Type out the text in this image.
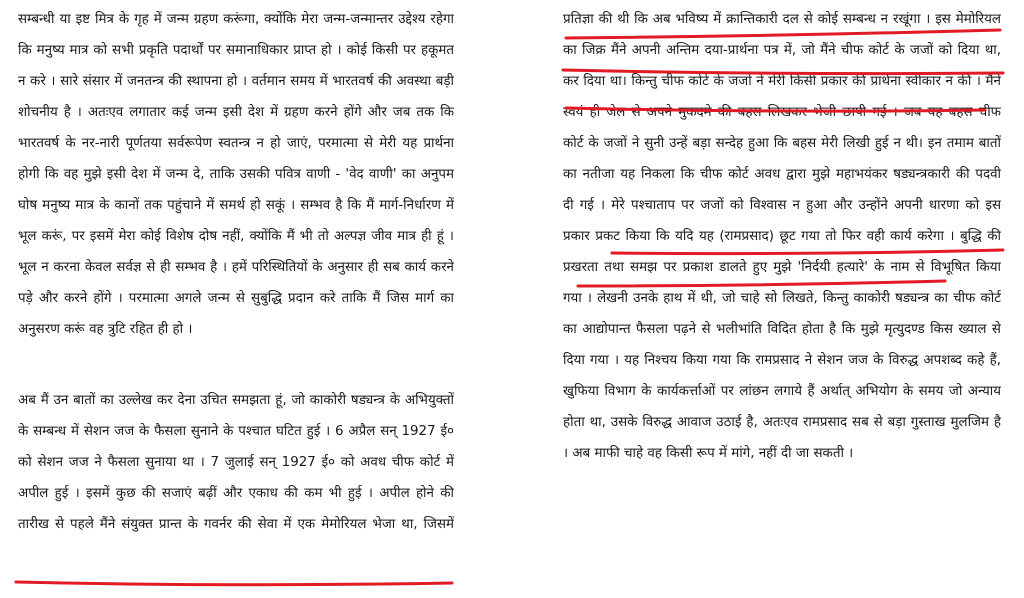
सम्बन्धी या इष्ट मित्र के गृह में जन्म ग्रहण करूंगा, क्योंकि मेरा जन्म-जन्मान्तर उद्देश्य रहेगा
कि मनुष्य मात्र को सभी प्रकृति पदार्थों पर समानाधिकार प्राप्त हो । कोई किसी पर हकूमत
न करे । सारे संसार में जनतन्त्र की स्थापना हो । वर्तमान समय में भारतवर्ष की अवस्था बड़ी
शोचनीय है । अतःएव लगातार कई जन्म इसी देश में ग्रहण करने होंगे और जब तक कि
भारतवर्ष के नर-नारी पूर्णतया सर्वरूपेण स्वतन्त्र न हो जाएं, परमात्मा से मेरी यह प्रार्थना
होगी कि वह मुझे इसी देश में जन्म दे, ताकि उसकी पवित्र वाणी - 'वेद वाणी' का अनुपम
घोष मनुष्य मात्र के कानों तक पहुंचाने में समर्थ हो सकूं । सम्भव है कि मैं मार्ग-निर्धारण में
भूल करूं, पर इसमें मेरा कोई विशेष दोष नहीं, क्योंकि मैं भी तो अल्पज्ञ जीव मात्र ही हूं ।
भूल न करना केवल सर्वज्ञ से ही सम्भव है । हमें परिस्थितियों के अनुसार ही सब कार्य करने
पड़े और करने होंगे । परमात्मा अगले जन्म से सुबुद्धि प्रदान करे ताकि मैं जिस मार्ग का
अनुसरण करूं वह त्रुटि रहित ही हो ।
अब मैं उन बातों का उल्लेख कर देना उचित समझता हूं, जो काकोरी षड्यन्त्र के अभियुक्तों
के सम्बन्ध में सेशन जज के फैसला सुनाने के पश्चात घटित हुई । 6 अप्रैल सन् 1927 ई०
को सेशन जज ने फैसला सुनाया था । 7 जुलाई सन् 1927 ई० को अवध चीफ कोर्ट में
अपील हुई । इसमें कुछ की सजाएं बढ़ीं और एकाध की कम भी हुई । अपील होने की
तारीख से पहले मैंने संयुक्त प्रान्त के गवर्नर की सेवा में एक मेमोरियल भेजा था, जिसमें
प्रतिज्ञा की थी कि अब भविष्य में क्रान्तिकारी दल से कोई सम्बन्ध न रखूंगा । इस मेमोरियल
का जिक्र मैंने अपनी अन्तिम दया-प्रार्थना पत्र में, जो मैंने चीफ कोर्ट के जजों को दिया था,
कर दिया था। किन्तु चीफ कोर्ट के जजों ने मेरी किसी प्रकार की प्रार्थना स्वीकार न की । मैंने
स्वयं ही जेल से अपने मुकदमे की बहस लिखकर भेजी छापी गई । जब यह बहस चीफ
कोर्ट के जजों ने सुनी उन्हें बड़ा सन्देह हुआ कि बहस मेरी लिखी हुई न थी। इन तमाम बातों
का नतीजा यह निकला कि चीफ कोर्ट अवध द्वारा मुझे महाभयंकर षड्यन्त्रकारी की पदवी
दी गई । मेरे पश्चाताप पर जजों को विश्वास न हुआ और उन्होंने अपनी धारणा को इस
प्रकार प्रकट किया कि यदि यह (रामप्रसाद) छूट गया तो फिर वही कार्य करेगा । बुद्धि की
प्रखरता तथा समझ पर प्रकाश डालते हुए मुझे 'निर्दयी हत्यारे' के नाम से विभूषित किया
गया । लेखनी उनके हाथ में थी, जो चाहे सो लिखते, किन्तु काकोरी षड्यन्त्र का चीफ कोर्ट
का आद्योपान्त फैसला पढ़ने से भलीभांति विदित होता है कि मुझे मृत्युदण्ड किस ख्याल से
दिया गया । यह निश्चय किया गया कि रामप्रसाद ने सेशन जज के विरुद्ध अपशब्द कहे हैं,
खुफिया विभाग के कार्यकर्त्ताओं पर लांछन लगाये हैं अर्थात् अभियोग के समय जो अन्याय
होता था, उसके विरुद्ध आवाज उठाई है, अतःएव रामप्रसाद सब से बड़ा गुस्ताख मुलजिम है
। अब माफी चाहे वह किसी रूप में मांगे, नहीं दी जा सकती ।
